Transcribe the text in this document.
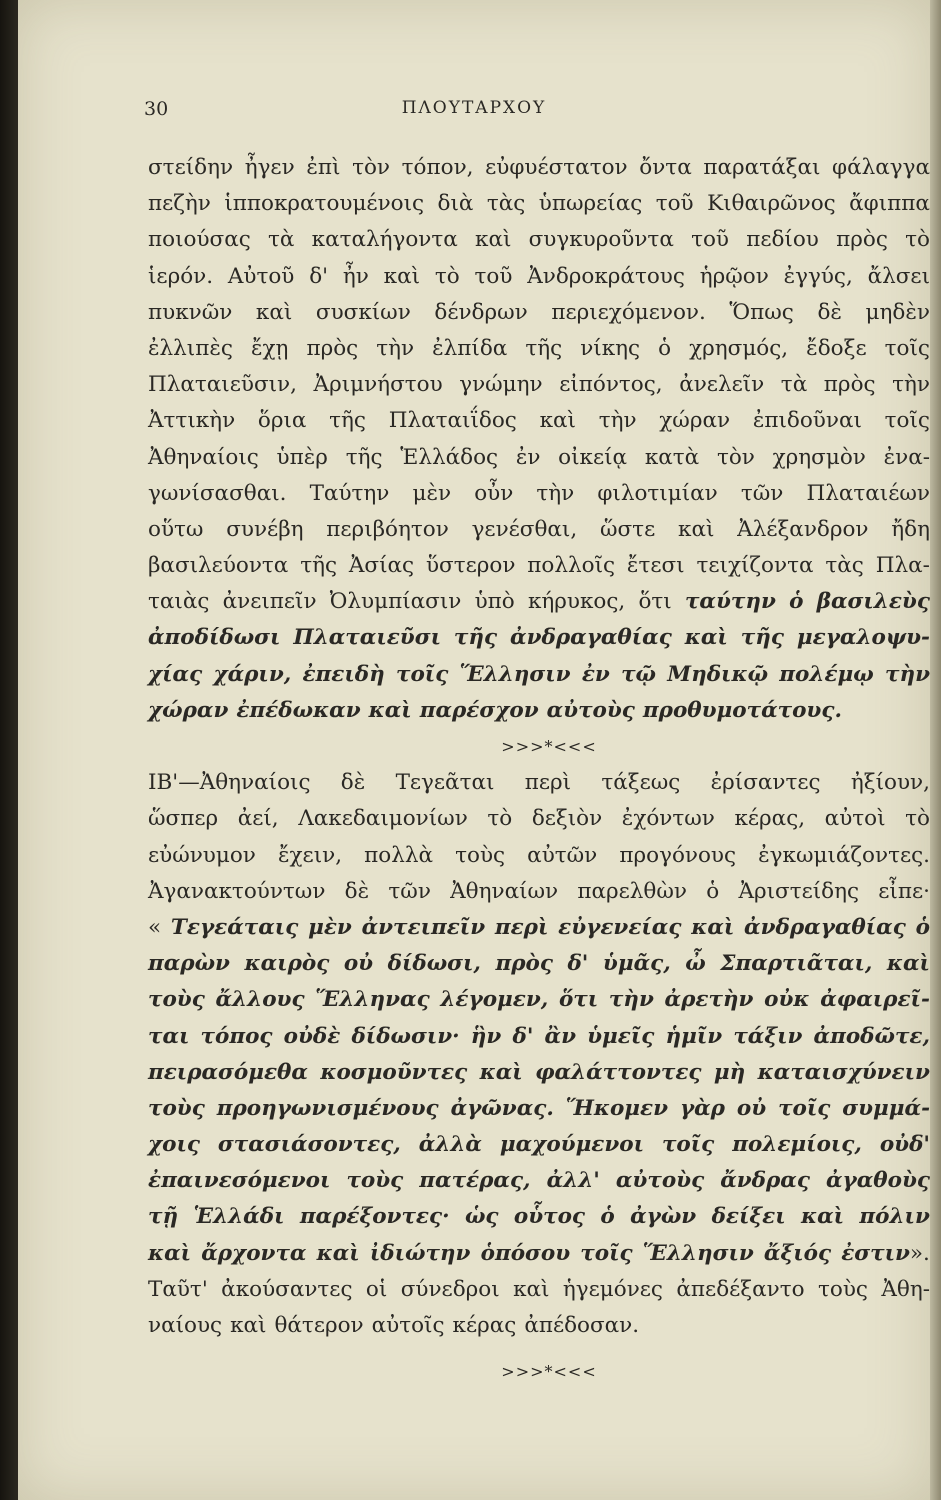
30	ΠΛΟΥΤΑΡΧΟΥ
στείδην ἦγεν ἐπὶ τὸν τόπον, εὐφυέστατον ὄντα παρατάξαι φάλαγγα
πεζὴν ἱπποκρατουμένοις διὰ τὰς ὑπωρείας τοῦ Κιθαιρῶνος ἄφιππα
ποιούσας τὰ καταλήγοντα καὶ συγκυροῦντα τοῦ πεδίου πρὸς τὸ
ἱερόν. Αὐτοῦ δ' ἦν καὶ τὸ τοῦ Ἀνδροκράτους ἡρῷον ἐγγύς, ἄλσει
πυκνῶν καὶ συσκίων δένδρων περιεχόμενον. Ὅπως δὲ μηδὲν
ἐλλιπὲς ἔχῃ πρὸς τὴν ἐλπίδα τῆς νίκης ὁ χρησμός, ἔδοξε τοῖς
Πλαταιεῦσιν, Ἀριμνήστου γνώμην εἰπόντος, ἀνελεῖν τὰ πρὸς τὴν
Ἀττικὴν ὅρια τῆς Πλαταιΐδος καὶ τὴν χώραν ἐπιδοῦναι τοῖς
Ἀθηναίοις ὑπὲρ τῆς Ἑλλάδος ἐν οἰκείᾳ κατὰ τὸν χρησμὸν ἐνα-
γωνίσασθαι. Ταύτην μὲν οὖν τὴν φιλοτιμίαν τῶν Πλαταιέων
οὕτω συνέβη περιβόητον γενέσθαι, ὥστε καὶ Ἀλέξανδρον ἤδη
βασιλεύοντα τῆς Ἀσίας ὕστερον πολλοῖς ἔτεσι τειχίζοντα τὰς Πλα-
ταιὰς ἀνειπεῖν Ὀλυμπίασιν ὑπὸ κήρυκος, ὅτι ταύτην ὁ βασιλεὺς
ἀποδίδωσι Πλαταιεῦσι τῆς ἀνδραγαθίας καὶ τῆς μεγαλοψυ-
χίας χάριν, ἐπειδὴ τοῖς Ἕλλησιν ἐν τῷ Μηδικῷ πολέμῳ τὴν
χώραν ἐπέδωκαν καὶ παρέσχον αὐτοὺς προθυμοτάτους.
>>>*<<<
ΙΒ'—Ἀθηναίοις δὲ Τεγεᾶται περὶ τάξεως ἐρίσαντες ἠξίουν,
ὥσπερ ἀεί, Λακεδαιμονίων τὸ δεξιὸν ἐχόντων κέρας, αὐτοὶ τὸ
εὐώνυμον ἔχειν, πολλὰ τοὺς αὐτῶν προγόνους ἐγκωμιάζοντες.
Ἀγανακτούντων δὲ τῶν Ἀθηναίων παρελθὼν ὁ Ἀριστείδης εἶπε·
« Τεγεάταις μὲν ἀντειπεῖν περὶ εὐγενείας καὶ ἀνδραγαθίας ὁ
παρὼν καιρὸς οὐ δίδωσι, πρὸς δ' ὑμᾶς, ὦ Σπαρτιᾶται, καὶ
τοὺς ἄλλους Ἕλληνας λέγομεν, ὅτι τὴν ἀρετὴν οὐκ ἀφαιρεῖ-
ται τόπος οὐδὲ δίδωσιν· ἣν δ' ἂν ὑμεῖς ἡμῖν τάξιν ἀποδῶτε,
πειρασόμεθα κοσμοῦντες καὶ φαλάττοντες μὴ καταισχύνειν
τοὺς προηγωνισμένους ἀγῶνας. Ἥκομεν γὰρ οὐ τοῖς συμμά-
χοις στασιάσοντες, ἀλλὰ μαχούμενοι τοῖς πολεμίοις, οὐδ'
ἐπαινεσόμενοι τοὺς πατέρας, ἀλλ' αὐτοὺς ἄνδρας ἀγαθοὺς
τῇ Ἑλλάδι παρέξοντες· ὡς οὗτος ὁ ἀγὼν δείξει καὶ πόλιν
καὶ ἄρχοντα καὶ ἰδιώτην ὁπόσου τοῖς Ἕλλησιν ἄξιός ἐστιν».
Ταῦτ' ἀκούσαντες οἱ σύνεδροι καὶ ἡγεμόνες ἀπεδέξαντο τοὺς Ἀθη-
ναίους καὶ θάτερον αὐτοῖς κέρας ἀπέδοσαν.
>>>*<<<
